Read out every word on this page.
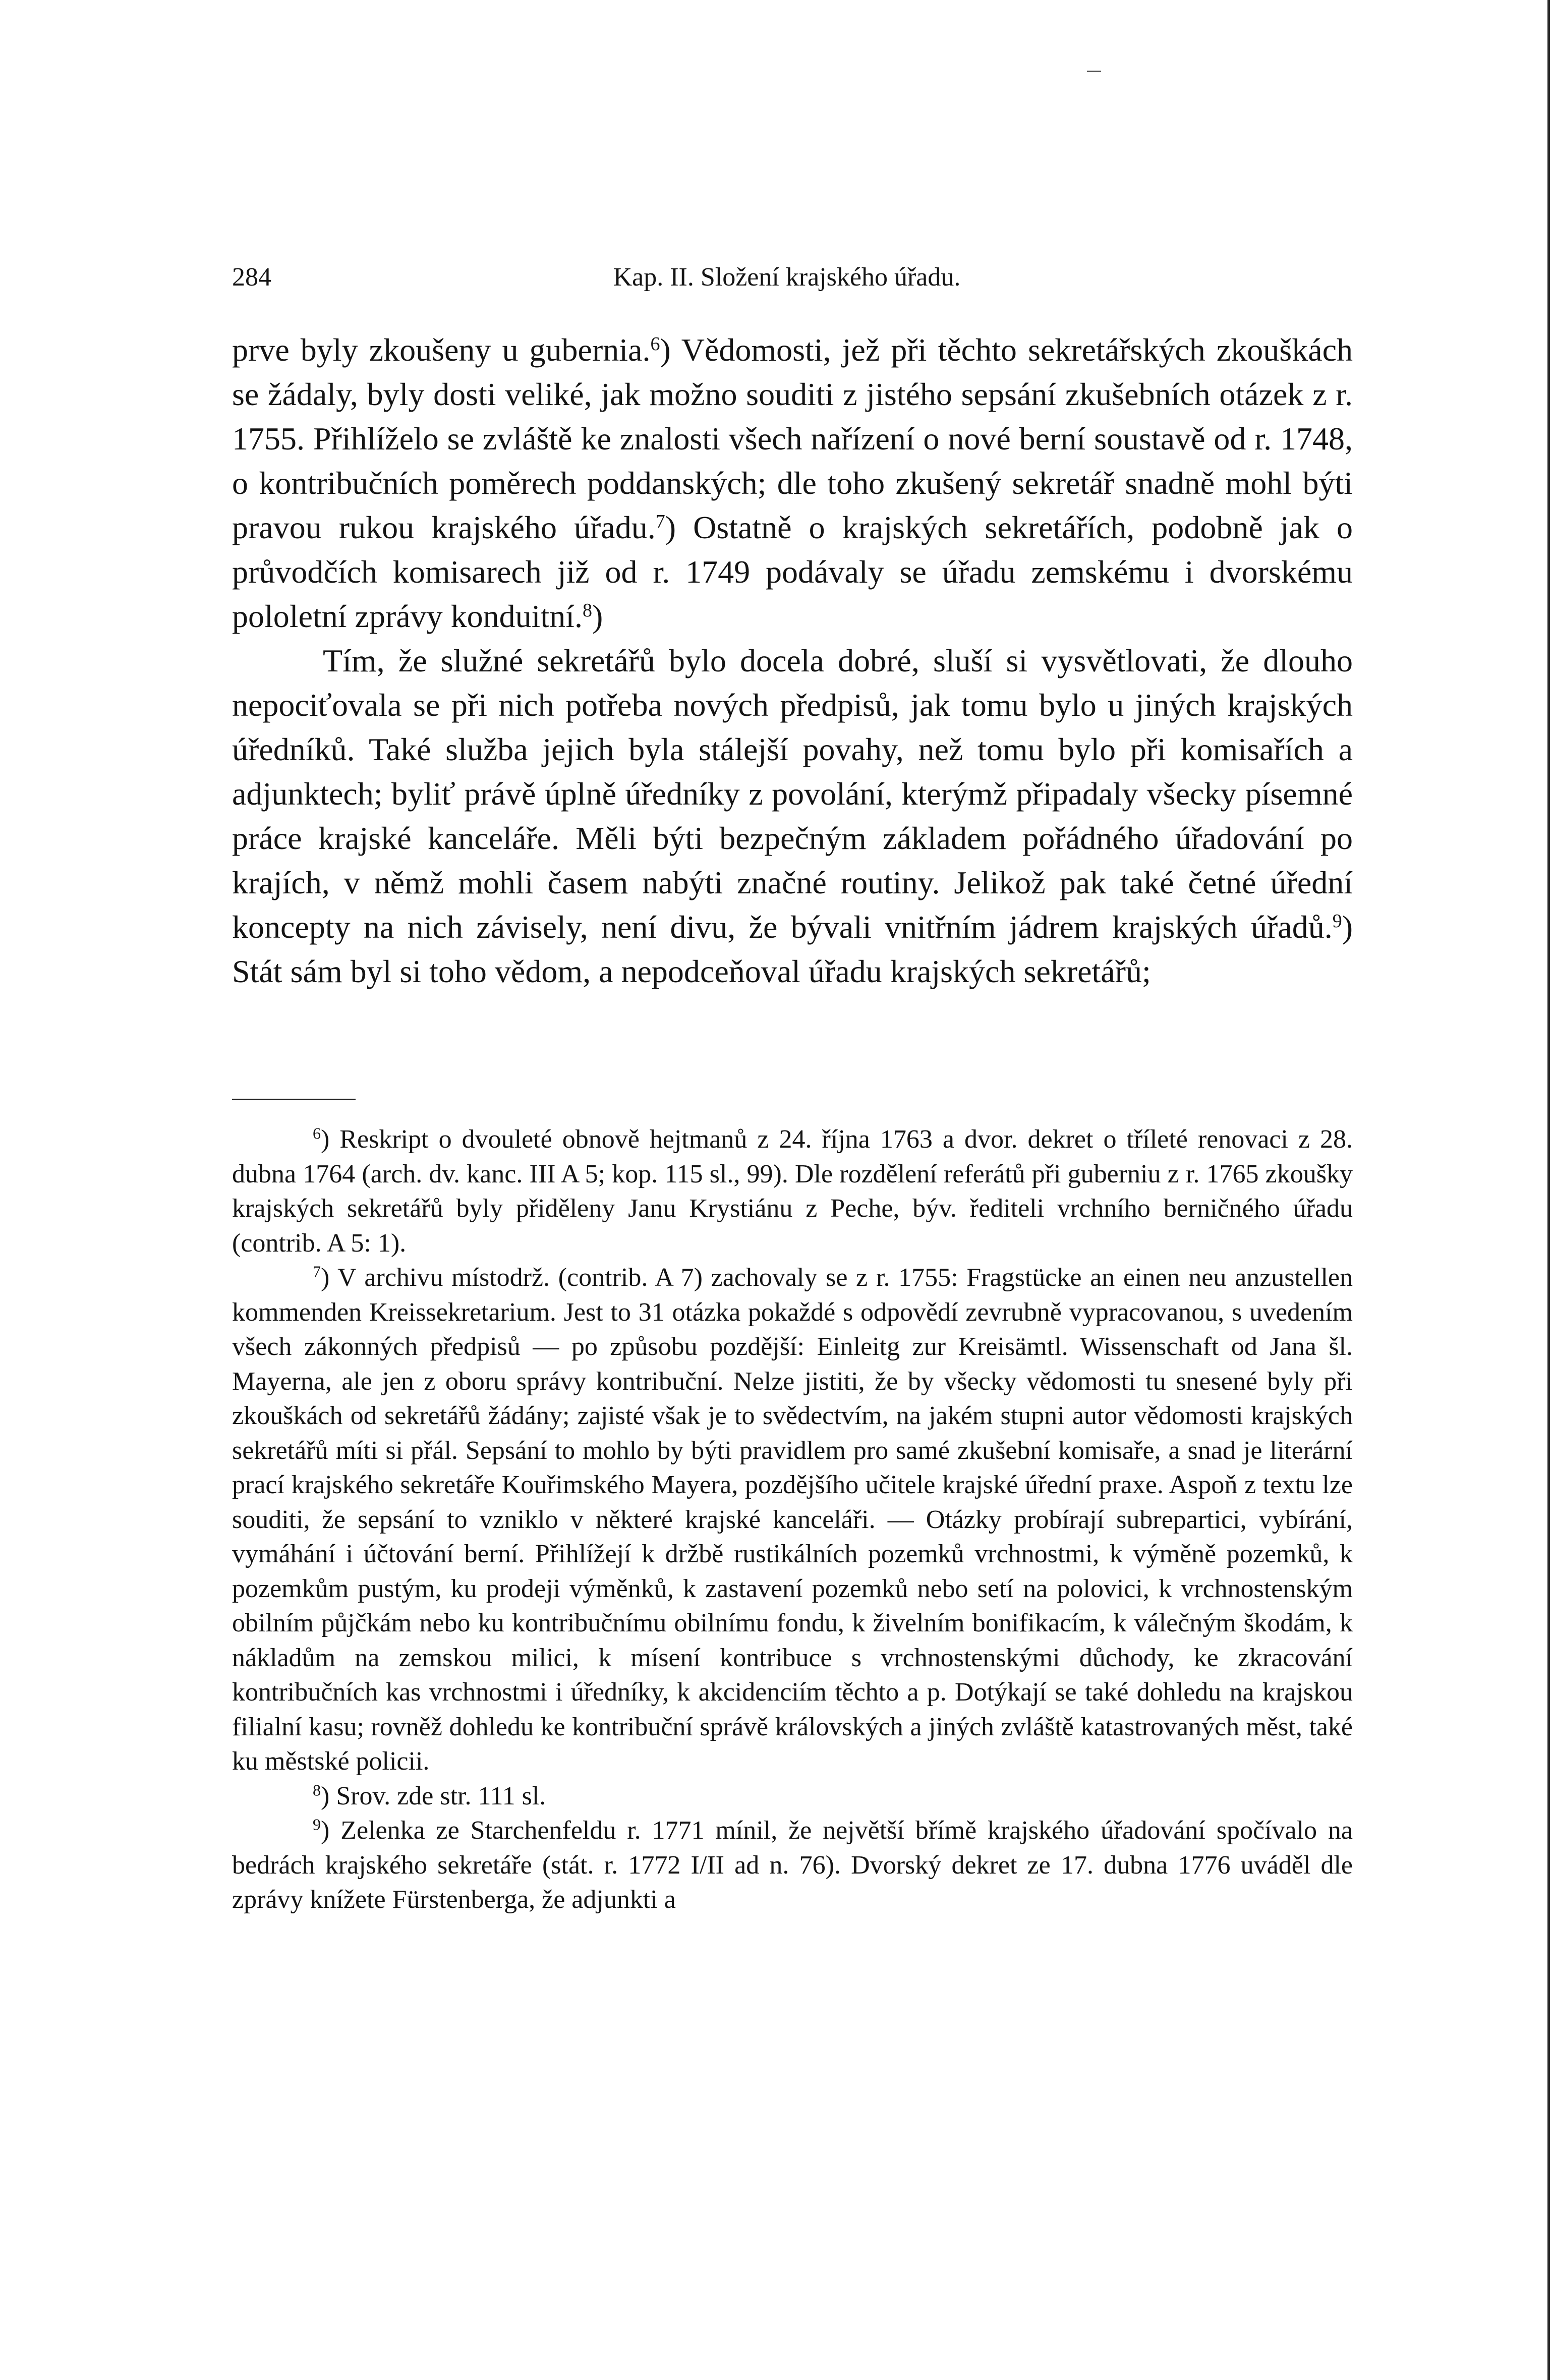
284	Kap. II. Složení krajského úřadu.

prve byly zkoušeny u gubernia.$^6$) Vědomosti, jež při těchto sekretářských zkouškách se žádaly, byly dosti veliké, jak možno souditi z jistého sepsání zkušebních otázek z r. 1755. Přihlíželo se zvláště ke znalosti všech nařízení o nové berní soustavě od r. 1748, o kontribučních poměrech poddanských; dle toho zkušený sekretář snadně mohl býti pravou rukou krajského úřadu.$^7$) Ostatně o krajských sekretářích, podobně jak o průvodčích komisarech již od r. 1749 podávaly se úřadu zemskému i dvorskému pololetní zprávy konduitní.$^8$)

Tím, že služné sekretářů bylo docela dobré, sluší si vysvětlovati, že dlouho nepociťovala se při nich potřeba nových předpisů, jak tomu bylo u jiných krajských úředníků. Také služba jejich byla stálejší povahy, než tomu bylo při komisařích a adjunktech; byliť právě úplně úředníky z povolání, kterýmž připadaly všecky písemné práce krajské kanceláře. Měli býti bezpečným základem pořádného úřadování po krajích, v němž mohli časem nabýti značné routiny. Jelikož pak také četné úřední koncepty na nich závisely, není divu, že bývali vnitřním jádrem krajských úřadů.$^9$) Stát sám byl si toho vědom, a nepodceňoval úřadu krajských sekretářů;

$^6$) Reskript o dvouleté obnově hejtmanů z 24. října 1763 a dvor. dekret o tříleté renovaci z 28. dubna 1764 (arch. dv. kanc. III A 5; kop. 115 sl., 99). Dle rozdělení referátů při guberniu z r. 1765 zkoušky krajských sekretářů byly přiděleny Janu Krystiánu z Peche, býv. řediteli vrchního berničného úřadu (contrib. A 5: 1).

$^7$) V archivu místodrž. (contrib. A 7) zachovaly se z r. 1755: Fragstücke an einen neu anzustellen kommenden Kreissekretarium. Jest to 31 otázka pokaždé s odpovědí zevrubně vypracovanou, s uvedením všech zákonných předpisů — po způsobu pozdější: Einleitg zur Kreisämtl. Wissenschaft od Jana šl. Mayerna, ale jen z oboru správy kontribuční. Nelze jistiti, že by všecky vědomosti tu snesené byly při zkouškách od sekretářů žádány; zajisté však je to svědectvím, na jakém stupni autor vědomosti krajských sekretářů míti si přál. Sepsání to mohlo by býti pravidlem pro samé zkušební komisaře, a snad je literární prací krajského sekretáře Kouřimského Mayera, pozdějšího učitele krajské úřední praxe. Aspoň z textu lze souditi, že sepsání to vzniklo v některé krajské kanceláři. — Otázky probírají subrepartici, vybírání, vymáhání i účtování berní. Přihlížejí k držbě rustikálních pozemků vrchnostmi, k výměně pozemků, k pozemkům pustým, ku prodeji výměnků, k zastavení pozemků nebo setí na polovici, k vrchnostenským obilním půjčkám nebo ku kontribučnímu obilnímu fondu, k živelním bonifikacím, k válečným škodám, k nákladům na zemskou milici, k mísení kontribuce s vrchnostenskými důchody, ke zkracování kontribučních kas vrchnostmi i úředníky, k akcidenciím těchto a p. Dotýkají se také dohledu na krajskou filialní kasu; rovněž dohledu ke kontribuční správě královských a jiných zvláště katastrovaných měst, také ku městské policii.

$^8$) Srov. zde str. 111 sl.

$^9$) Zelenka ze Starchenfeldu r. 1771 mínil, že největší břímě krajského úřadování spočívalo na bedrách krajského sekretáře (stát. r. 1772 I/II ad n. 76). Dvorský dekret ze 17. dubna 1776 uváděl dle zprávy knížete Fürstenberga, že adjunkti a
